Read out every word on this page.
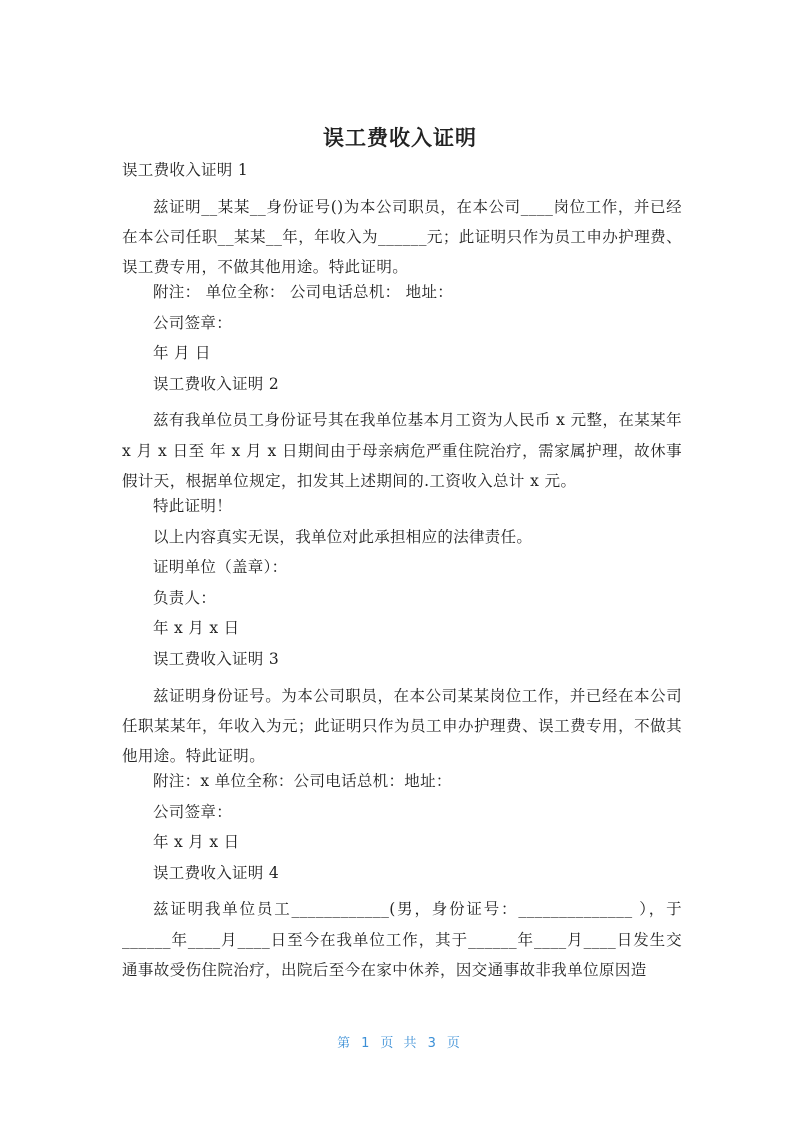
误工费收入证明
误工费收入证明 1
兹证明__某某__身份证号()为本公司职员，在本公司____岗位工作，并已经在本公司任职__某某__年，年收入为______元；此证明只作为员工申办护理费、误工费专用，不做其他用途。特此证明。
附注： 单位全称： 公司电话总机： 地址：
公司签章：
年 月 日
误工费收入证明 2
兹有我单位员工身份证号其在我单位基本月工资为人民币 x 元整，在某某年 x 月 x 日至 年 x 月 x 日期间由于母亲病危严重住院治疗，需家属护理，故休事假计天，根据单位规定，扣发其上述期间的.工资收入总计 x 元。
特此证明！
以上内容真实无误，我单位对此承担相应的法律责任。
证明单位（盖章）：
负责人：
年 x 月 x 日
误工费收入证明 3
兹证明身份证号。为本公司职员，在本公司某某岗位工作，并已经在本公司任职某某年，年收入为元；此证明只作为员工申办护理费、误工费专用，不做其他用途。特此证明。
附注：x 单位全称：公司电话总机：地址：
公司签章：
年 x 月 x 日
误工费收入证明 4
兹证明我单位员工____________(男，身份证号：______________ ），于______年____月____日至今在我单位工作，其于______年____月____日发生交通事故受伤住院治疗，出院后至今在家中休养，因交通事故非我单位原因造
第 1 页 共 3 页
